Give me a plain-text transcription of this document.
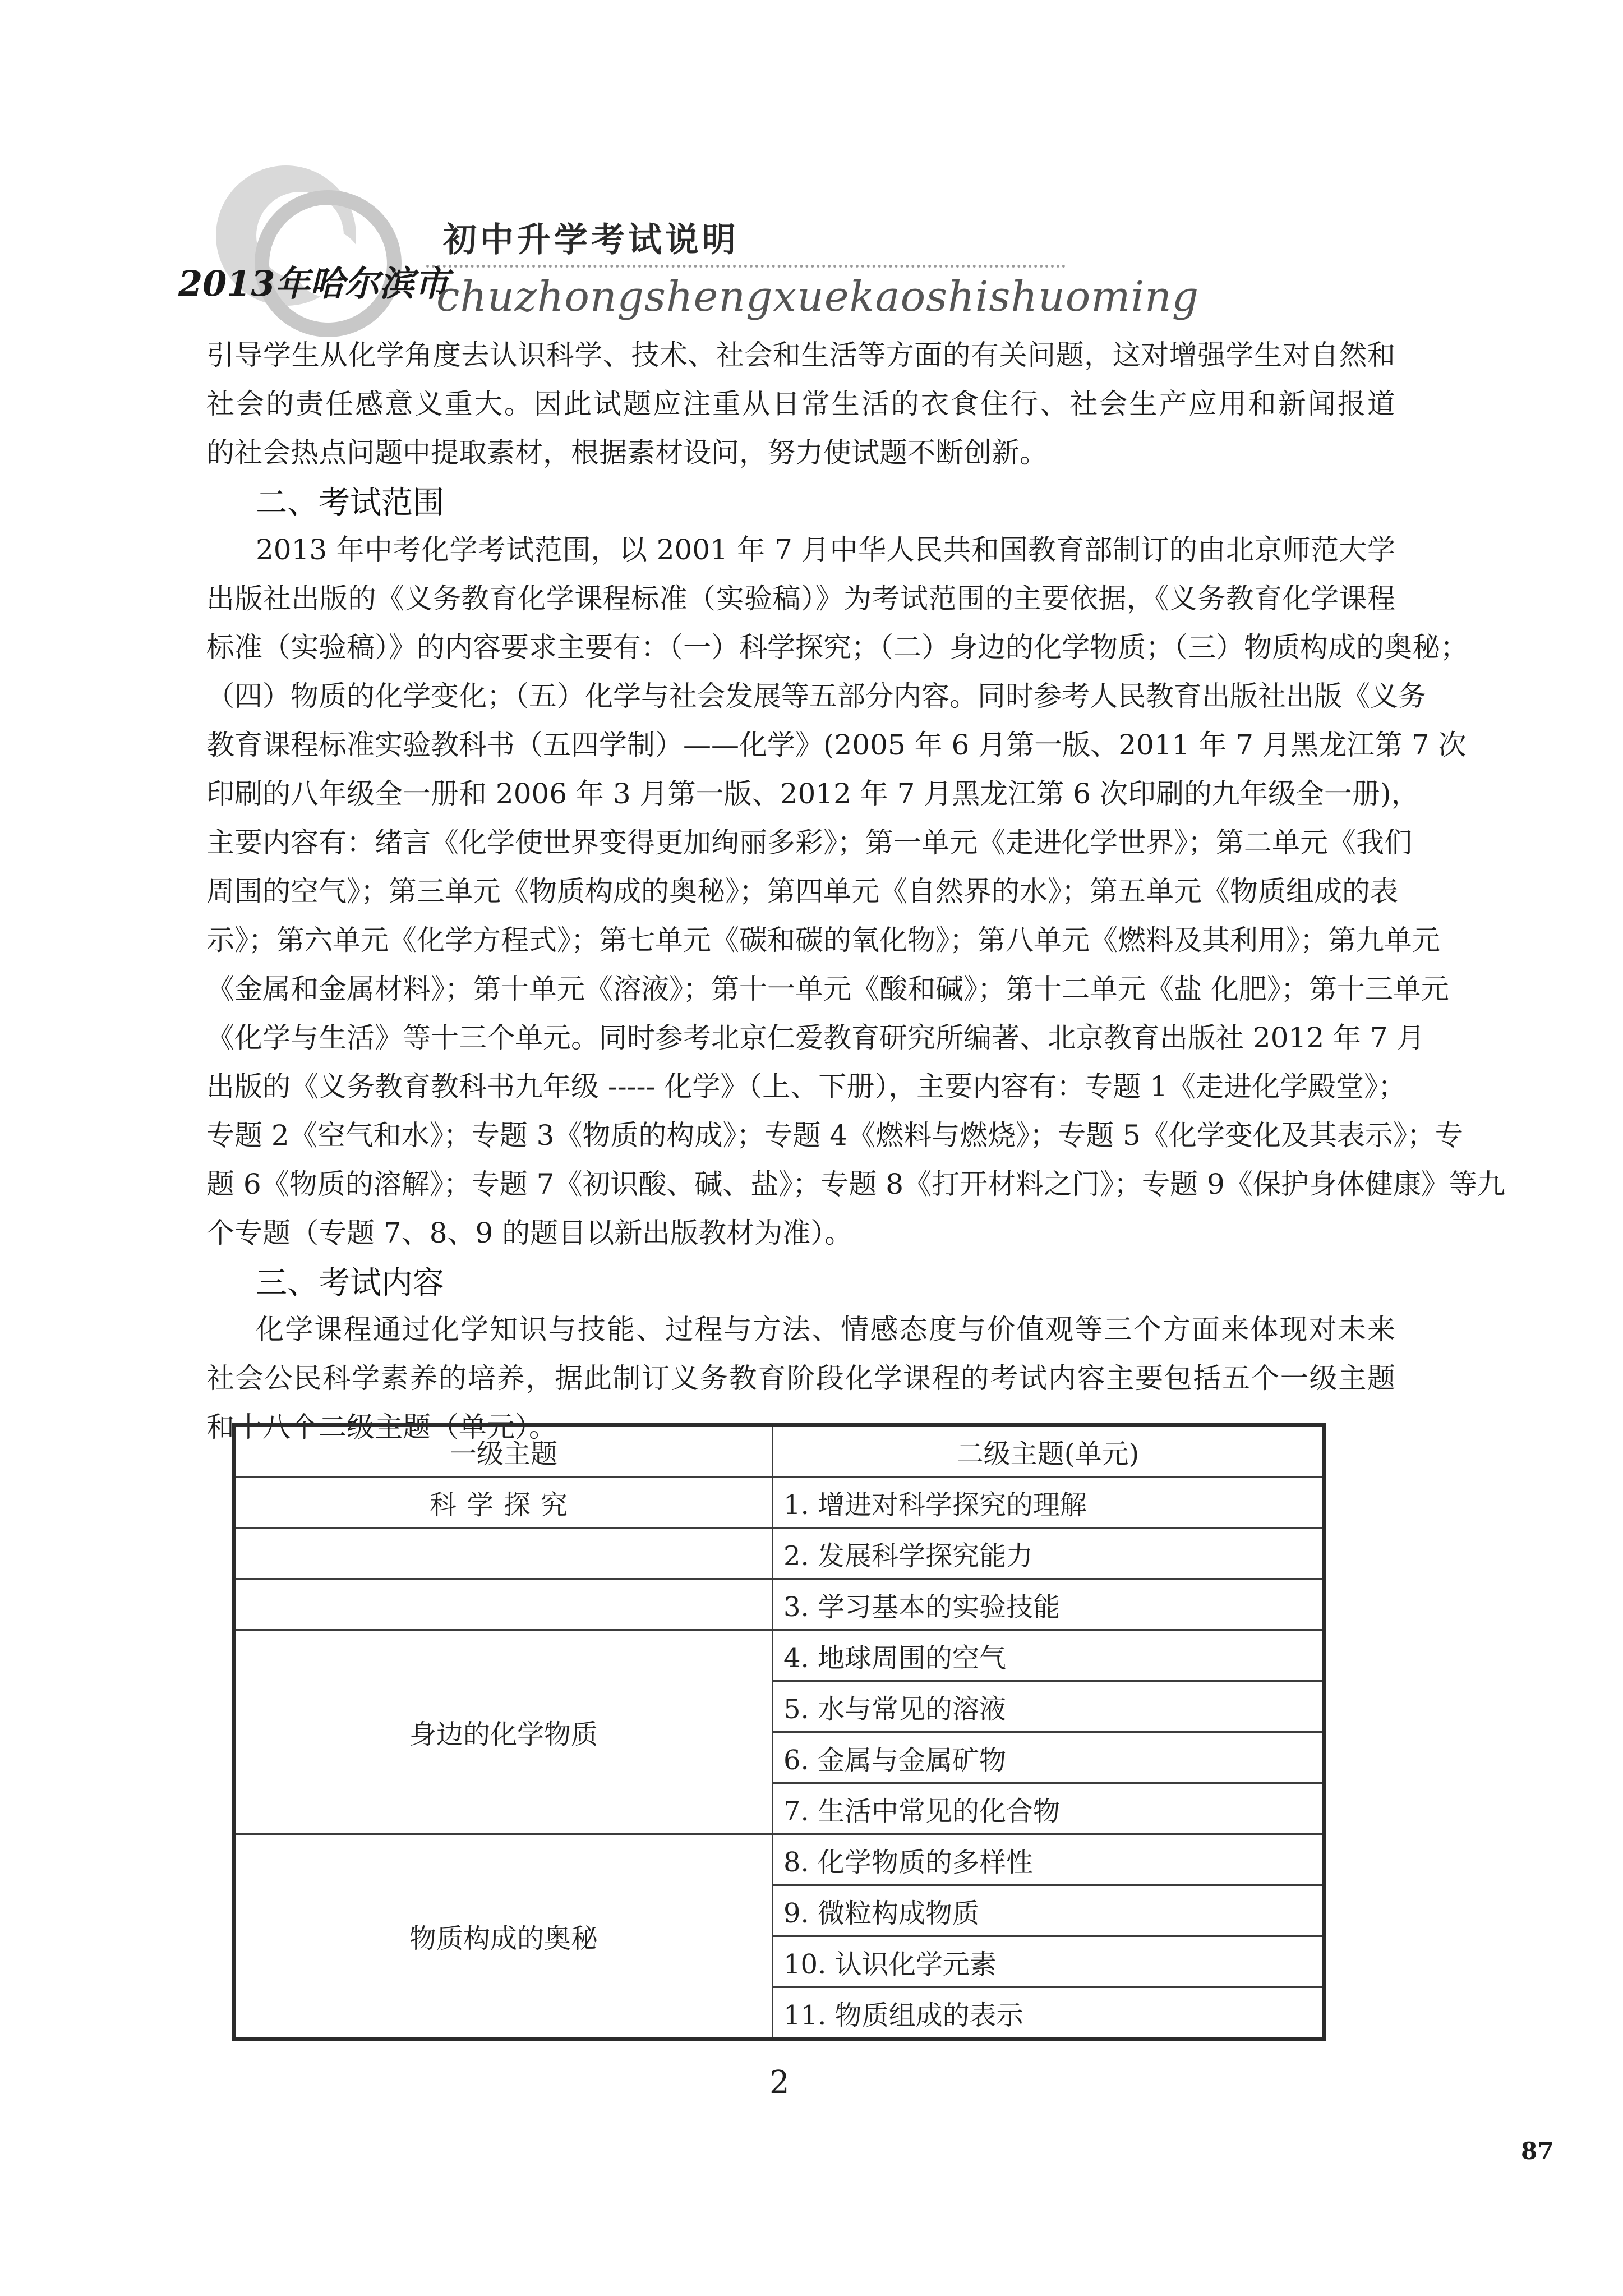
初中升学考试说明
2013年哈尔滨市
chuzhongshengxuekaoshishuoming
引导学生从化学角度去认识科学、技术、社会和生活等方面的有关问题，这对增强学生对自然和
社会的责任感意义重大。因此试题应注重从日常生活的衣食住行、社会生产应用和新闻报道
的社会热点问题中提取素材，根据素材设问，努力使试题不断创新。
二、考试范围
2013 年中考化学考试范围，以 2001 年 7 月中华人民共和国教育部制订的由北京师范大学
出版社出版的《义务教育化学课程标准（实验稿）》为考试范围的主要依据，《义务教育化学课程
标准（实验稿）》的内容要求主要有：（一）科学探究；（二）身边的化学物质；（三）物质构成的奥秘；
（四）物质的化学变化；（五）化学与社会发展等五部分内容。同时参考人民教育出版社出版《义务
教育课程标准实验教科书（五四学制）——化学》(2005 年 6 月第一版、2011 年 7 月黑龙江第 7 次
印刷的八年级全一册和 2006 年 3 月第一版、2012 年 7 月黑龙江第 6 次印刷的九年级全一册)，
主要内容有：绪言《化学使世界变得更加绚丽多彩》；第一单元《走进化学世界》；第二单元《我们
周围的空气》；第三单元《物质构成的奥秘》；第四单元《自然界的水》；第五单元《物质组成的表
示》；第六单元《化学方程式》；第七单元《碳和碳的氧化物》；第八单元《燃料及其利用》；第九单元
《金属和金属材料》；第十单元《溶液》；第十一单元《酸和碱》；第十二单元《盐 化肥》；第十三单元
《化学与生活》等十三个单元。同时参考北京仁爱教育研究所编著、北京教育出版社 2012 年 7 月
出版的《义务教育教科书九年级 ----- 化学》（上、下册），主要内容有：专题 1《走进化学殿堂》；
专题 2《空气和水》；专题 3《物质的构成》；专题 4《燃料与燃烧》；专题 5《化学变化及其表示》；专
题 6《物质的溶解》；专题 7《初识酸、碱、盐》；专题 8《打开材料之门》；专题 9《保护身体健康》等九
个专题（专题 7、8、9 的题目以新出版教材为准）。
三、考试内容
化学课程通过化学知识与技能、过程与方法、情感态度与价值观等三个方面来体现对未来
社会公民科学素养的培养，据此制订义务教育阶段化学课程的考试内容主要包括五个一级主题
和十八个二级主题（单元）。
一级主题	二级主题(单元)
科学探究	1. 增进对科学探究的理解
	2. 发展科学探究能力
	3. 学习基本的实验技能
身边的化学物质	4. 地球周围的空气
	5. 水与常见的溶液
	6. 金属与金属矿物
	7. 生活中常见的化合物
物质构成的奥秘	8. 化学物质的多样性
	9. 微粒构成物质
	10. 认识化学元素
	11. 物质组成的表示
2
87
